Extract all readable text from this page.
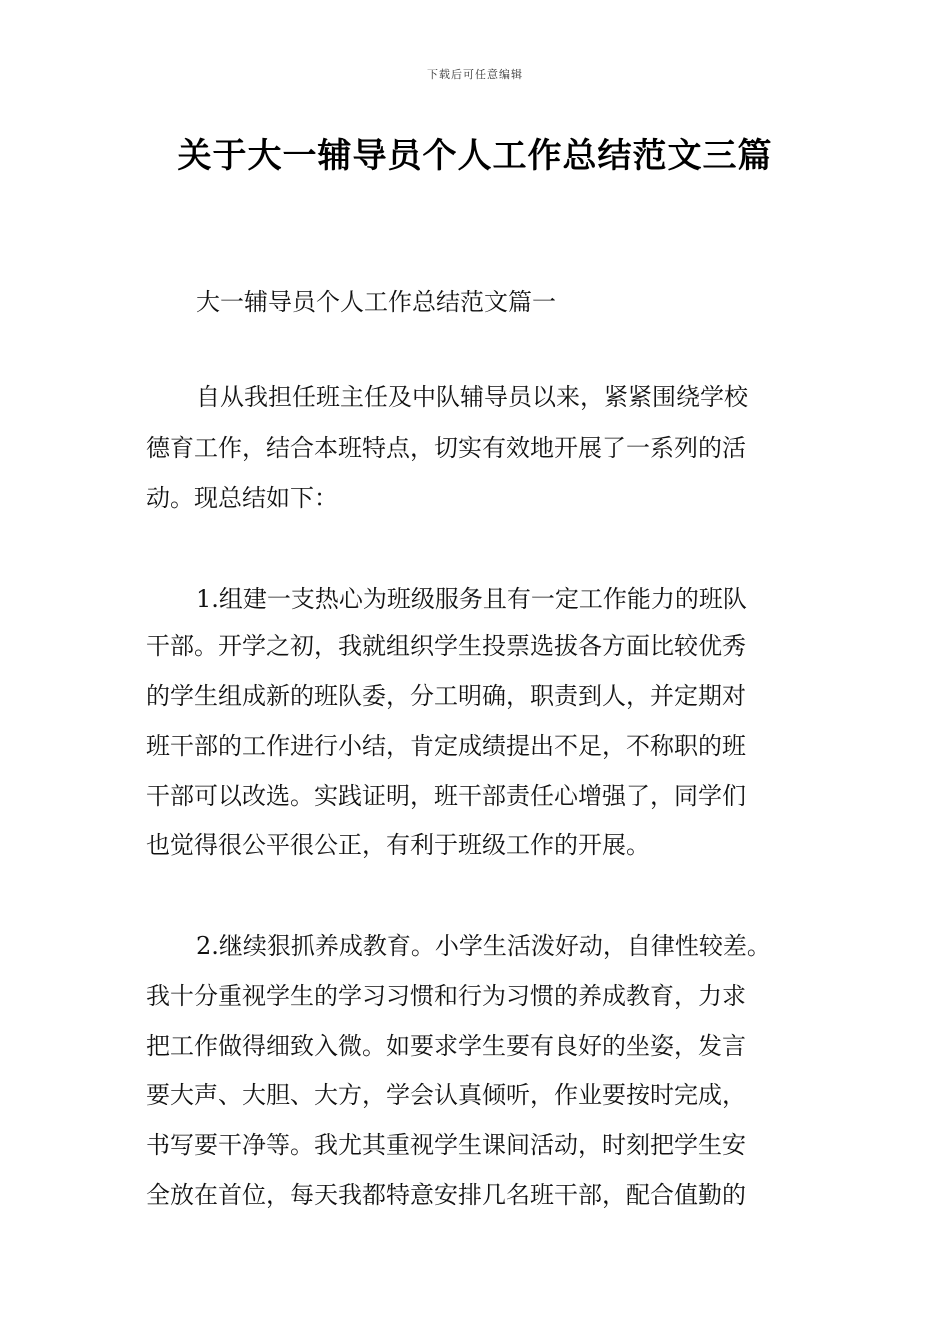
下载后可任意编辑
关于大一辅导员个人工作总结范文三篇
大一辅导员个人工作总结范文篇一
自从我担任班主任及中队辅导员以来，紧紧围绕学校
德育工作，结合本班特点，切实有效地开展了一系列的活
动。现总结如下：
1.组建一支热心为班级服务且有一定工作能力的班队
干部。开学之初，我就组织学生投票选拔各方面比较优秀
的学生组成新的班队委，分工明确，职责到人，并定期对
班干部的工作进行小结，肯定成绩提出不足，不称职的班
干部可以改选。实践证明，班干部责任心增强了，同学们
也觉得很公平很公正，有利于班级工作的开展。
2.继续狠抓养成教育。小学生活泼好动，自律性较差。
我十分重视学生的学习习惯和行为习惯的养成教育，力求
把工作做得细致入微。如要求学生要有良好的坐姿，发言
要大声、大胆、大方，学会认真倾听，作业要按时完成，
书写要干净等。我尤其重视学生课间活动，时刻把学生安
全放在首位，每天我都特意安排几名班干部，配合值勤的
